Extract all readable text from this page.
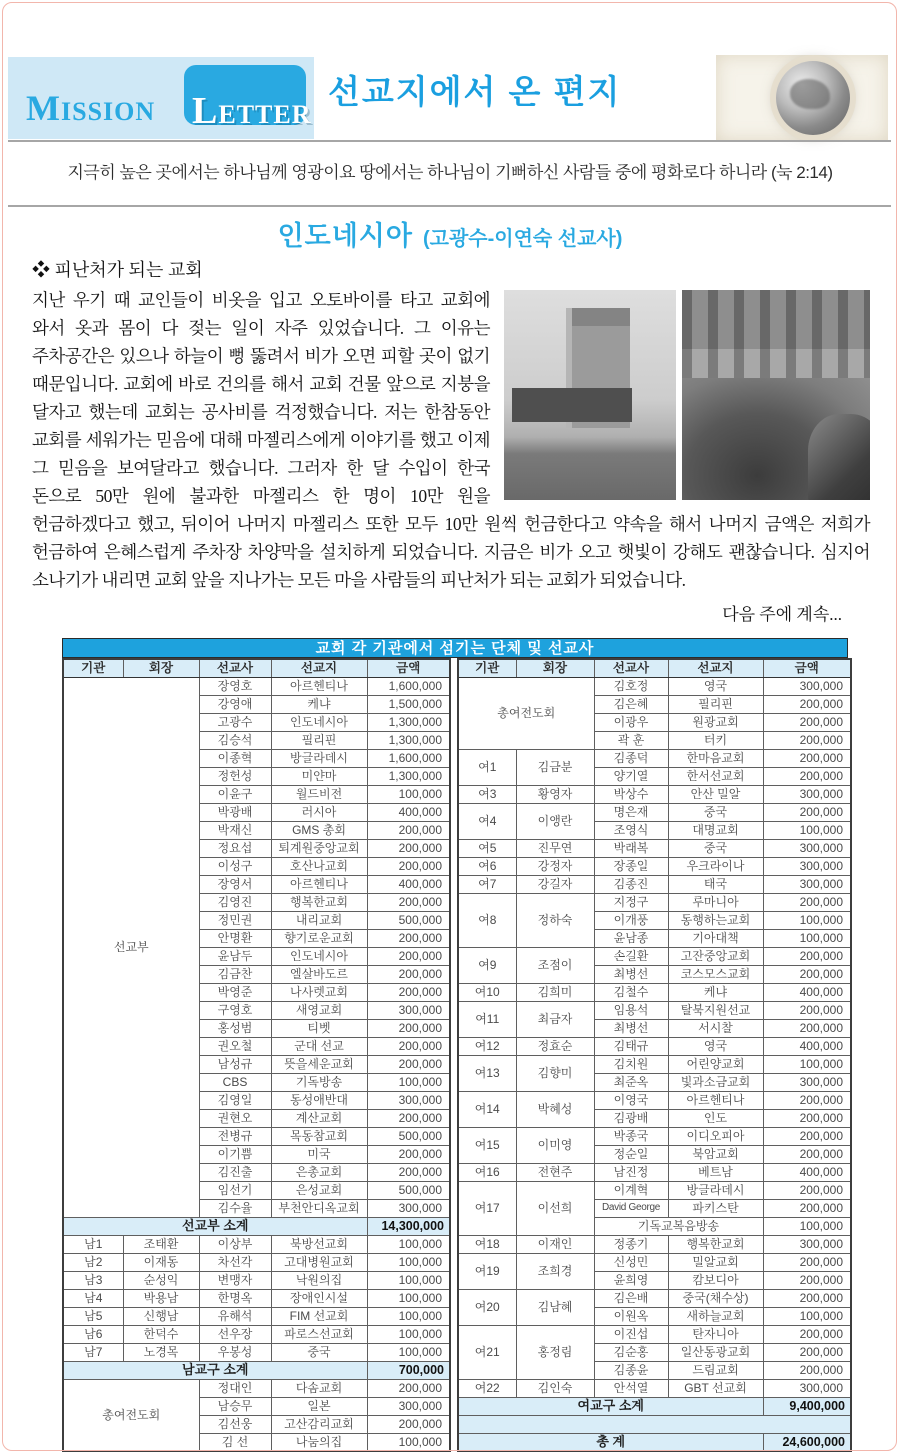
MISSION LETTER
선교지에서 온 편지
지극히 높은 곳에서는 하나님께 영광이요 땅에서는 하나님이 기뻐하신 사람들 중에 평화로다 하니라 (눅 2:14)
인도네시아 (고광수-이연숙 선교사)
❖ 피난처가 되는 교회

지난 우기 때 교인들이 비옷을 입고 오토바이를 타고 교회에 와서 옷과 몸이 다 젖는 일이 자주 있었습니다. 그 이유는 주차공간은 있으나 하늘이 뻥 뚫려서 비가 오면 피할 곳이 없기 때문입니다. 교회에 바로 건의를 해서 교회 건물 앞으로 지붕을 달자고 했는데 교회는 공사비를 걱정했습니다. 저는 한참동안 교회를 세워가는 믿음에 대해 마젤리스에게 이야기를 했고 이제 그 믿음을 보여달라고 했습니다. 그러자 한 달 수입이 한국 돈으로 50만 원에 불과한 마젤리스 한 명이 10만 원을 헌금하겠다고 했고, 뒤이어 나머지 마젤리스 또한 모두 10만 원씩 헌금한다고 약속을 해서 나머지 금액은 저희가 헌금하여 은혜스럽게 주차장 차양막을 설치하게 되었습니다. 지금은 비가 오고 햇빛이 강해도 괜찮습니다. 심지어 소나기가 내리면 교회 앞을 지나가는 모든 마을 사람들의 피난처가 되는 교회가 되었습니다.

다음 주에 계속...
교회 각 기관에서 섬기는 단체 및 선교사
기관	회장	선교사	선교지	금액
선교부		장영호	아르헨티나	1,600,000
		강영애	케냐	1,500,000
		고광수	인도네시아	1,300,000
		김승석	필리핀	1,300,000
		이종혁	방글라데시	1,600,000
		정헌성	미얀마	1,300,000
		이윤구	월드비전	100,000
		박광배	러시아	400,000
		박재신	GMS 총회	200,000
		정요섭	퇴계원중앙교회	200,000
		이성구	호산나교회	200,000
		장영서	아르헨티나	400,000
		김영진	행복한교회	200,000
		정민권	내리교회	500,000
		안명환	향기로운교회	200,000
		윤남두	인도네시아	200,000
		김금찬	엘살바도르	200,000
		박영준	나사렛교회	200,000
		구영호	새영교회	300,000
		홍성범	티벳	200,000
		권오철	군대 선교	200,000
		남성규	뜻을세운교회	200,000
		CBS	기독방송	100,000
		김영일	동성애반대	300,000
		권현오	계산교회	200,000
		전병규	목동참교회	500,000
		이기쁨	미국	200,000
		김진출	은총교회	200,000
		임선기	은성교회	500,000
		김수율	부천안디옥교회	300,000
선교부 소계				14,300,000
남1	조태환	이상부	북방선교회	100,000
남2	이재동	차선각	고대병원교회	100,000
남3	순성익	변맹자	낙원의집	100,000
남4	박용남	한명옥	장애인시설	100,000
남5	신행남	유해석	FIM 선교회	100,000
남6	한덕수	선우장	파로스선교회	100,000
남7	노경목	우봉성	중국	100,000
남교구 소계				700,000
총여전도회		정대인	다솜교회	200,000
		남승무	일본	300,000
		김선웅	고산감리교회	200,000
		김 선	나눔의집	100,000
기관	회장	선교사	선교지	금액
총여전도회		김호정	영국	300,000
		김은혜	필리핀	200,000
		이광우	원광교회	200,000
		곽 훈	터키	200,000
여1	김금분	김종덕	한마음교회	200,000
		양기열	한서선교회	200,000
여3	황영자	박상수	안산 밀알	300,000
여4	이앵란	명은재	중국	200,000
		조영식	대명교회	100,000
여5	진무연	박래복	중국	300,000
여6	강정자	장종일	우크라이나	300,000
여7	강길자	김종진	태국	300,000
여8	정하숙	지정구	루마니아	200,000
		이개풍	동행하는교회	100,000
		윤남종	기아대책	100,000
여9	조점이	손길환	고잔중앙교회	200,000
		최병선	코스모스교회	200,000
여10	김희미	김철수	케냐	400,000
여11	최금자	임용석	탈북지원선교	200,000
		최병선	서시찰	200,000
여12	정효순	김태규	영국	400,000
여13	김향미	김치원	어린양교회	100,000
		최준옥	빛과소금교회	300,000
여14	박혜성	이영국	아르헨티나	200,000
		김광배	인도	200,000
여15	이미영	박종국	이디오피아	200,000
		정순일	북암교회	200,000
여16	전현주	남진정	베트남	400,000
여17	이선희	이계혁	방글라데시	200,000
		David George	파키스탄	200,000
		기독교복음방송		100,000
여18	이재인	정종기	행복한교회	300,000
여19	조희경	신성민	밀알교회	200,000
		윤희영	캄보디아	200,000
여20	김남혜	김은배	중국(채수상)	200,000
		이원옥	새하늘교회	100,000
여21	홍정림	이진섭	탄자니아	200,000
		김순홍	일산동광교회	200,000
		김종윤	드림교회	200,000
여22	김인숙	안석열	GBT 선교회	300,000
여교구 소계				9,400,000

총 계				24,600,000
